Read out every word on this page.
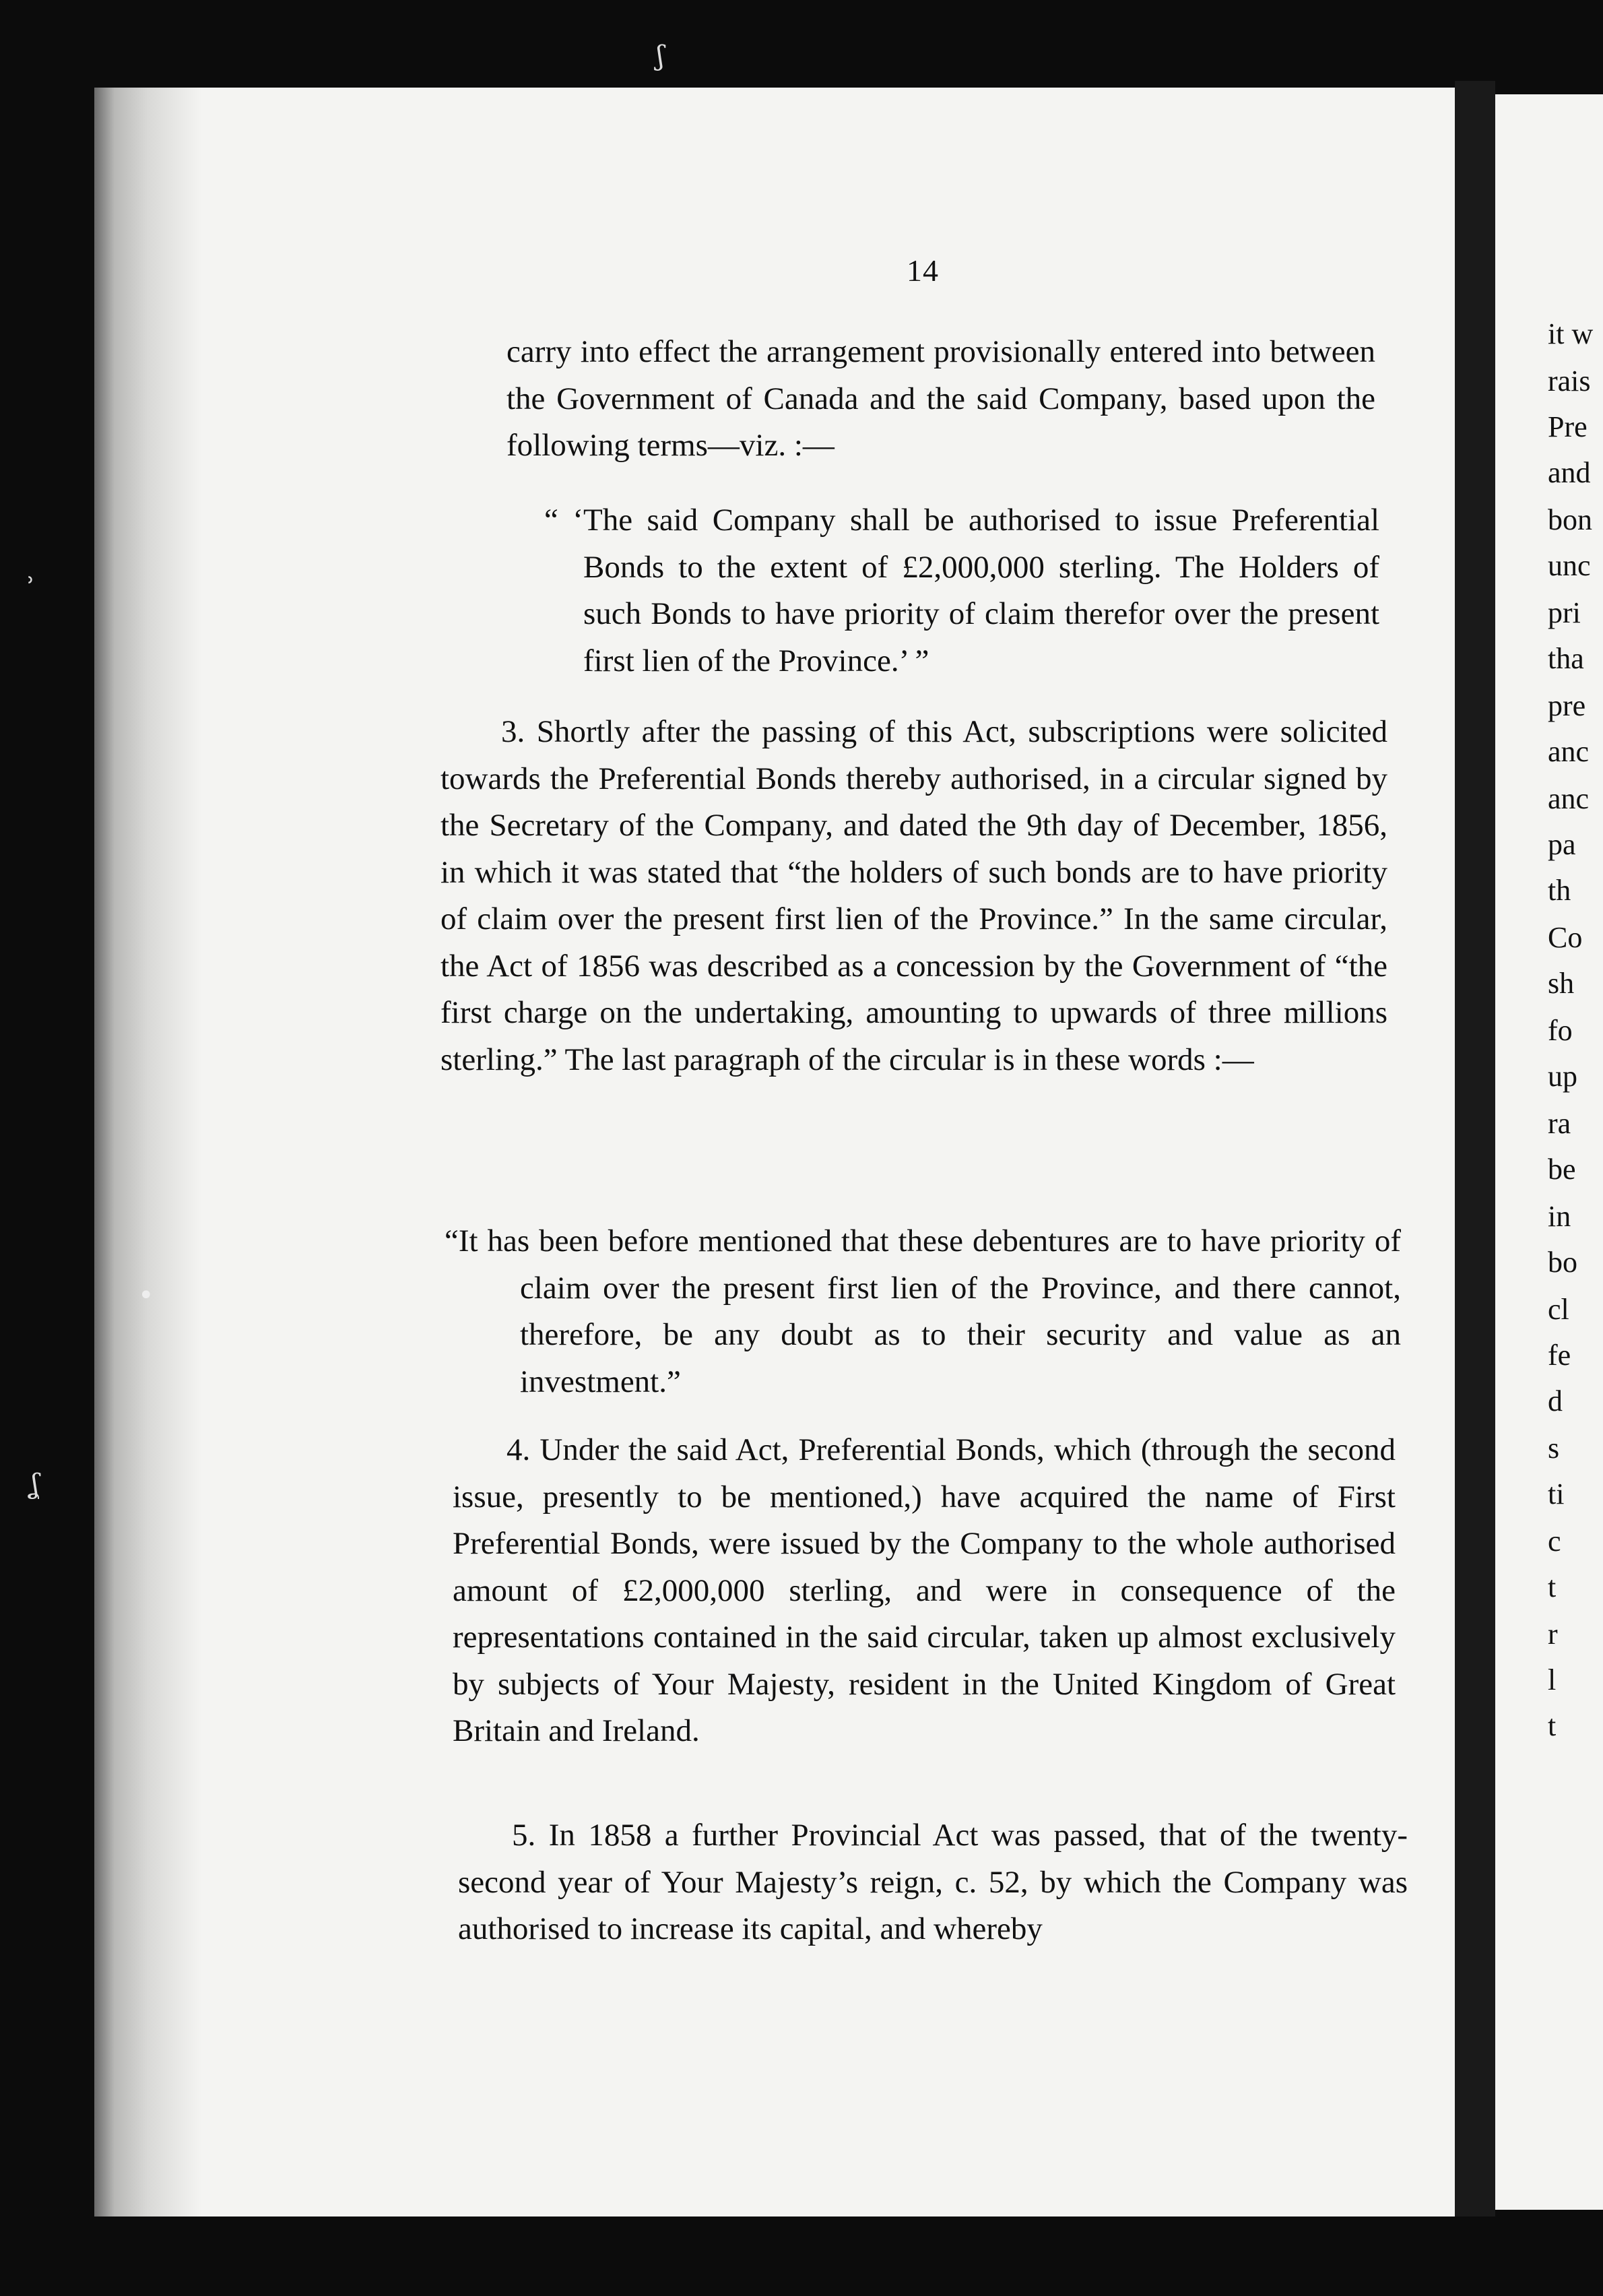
it w
rais
Pre
and
bon
unc
pri
tha
pre
anc
anc
pa
th
Co
sh
fo
up
ra
be
in
bo
cl
fe
d
s
ti
c
t
r
l
t
ʃ
ʾ
ʆ
•
14
carry into effect the arrangement provisionally entered into between the Government of Canada and the said Company, based upon the following terms—viz. :—
“ ‘The said Company shall be authorised to issue Preferential Bonds to the extent of £2,000,000 sterling. The Holders of such Bonds to have priority of claim therefor over the present first lien of the Province.’ ”
3. Shortly after the passing of this Act, subscriptions were solicited towards the Preferential Bonds thereby authorised, in a circular signed by the Secretary of the Company, and dated the 9th day of December, 1856, in which it was stated that “the holders of such bonds are to have priority of claim over the present first lien of the Province.” In the same circular, the Act of 1856 was described as a concession by the Government of “the first charge on the undertaking, amounting to upwards of three millions sterling.” The last paragraph of the circular is in these words :—
“It has been before mentioned that these debentures are to have priority of claim over the present first lien of the Province, and there cannot, therefore, be any doubt as to their security and value as an investment.”
4. Under the said Act, Preferential Bonds, which (through the second issue, presently to be mentioned,) have acquired the name of First Preferential Bonds, were issued by the Company to the whole authorised amount of £2,000,000 sterling, and were in consequence of the representations contained in the said circular, taken up almost exclusively by subjects of Your Majesty, resident in the United Kingdom of Great Britain and Ireland.
5. In 1858 a further Provincial Act was passed, that of the twenty-second year of Your Majesty’s reign, c. 52, by which the Company was authorised to increase its capital, and whereby
